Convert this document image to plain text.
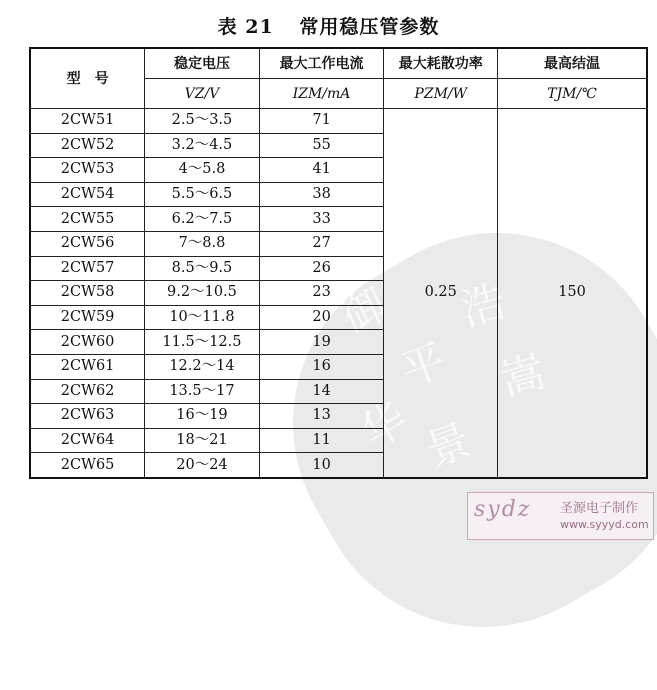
表 21 常用稳压管参数
御
平
浩
嵩
景
华
型　号	稳定电压	最大工作电流	最大耗散功率	最高结温
	VZ/V	IZM/mA	PZM/W	TJM/℃
2CW51	2.5～3.5	71	0.25	150
2CW52	3.2～4.5	55		
2CW53	4～5.8	41		
2CW54	5.5～6.5	38		
2CW55	6.2～7.5	33		
2CW56	7～8.8	27		
2CW57	8.5～9.5	26		
2CW58	9.2～10.5	23		
2CW59	10～11.8	20		
2CW60	11.5～12.5	19		
2CW61	12.2～14	16		
2CW62	13.5～17	14		
2CW63	16～19	13		
2CW64	18～21	11		
2CW65	20～24	10		
sydz 圣源电子制作
www.syyyd.com
